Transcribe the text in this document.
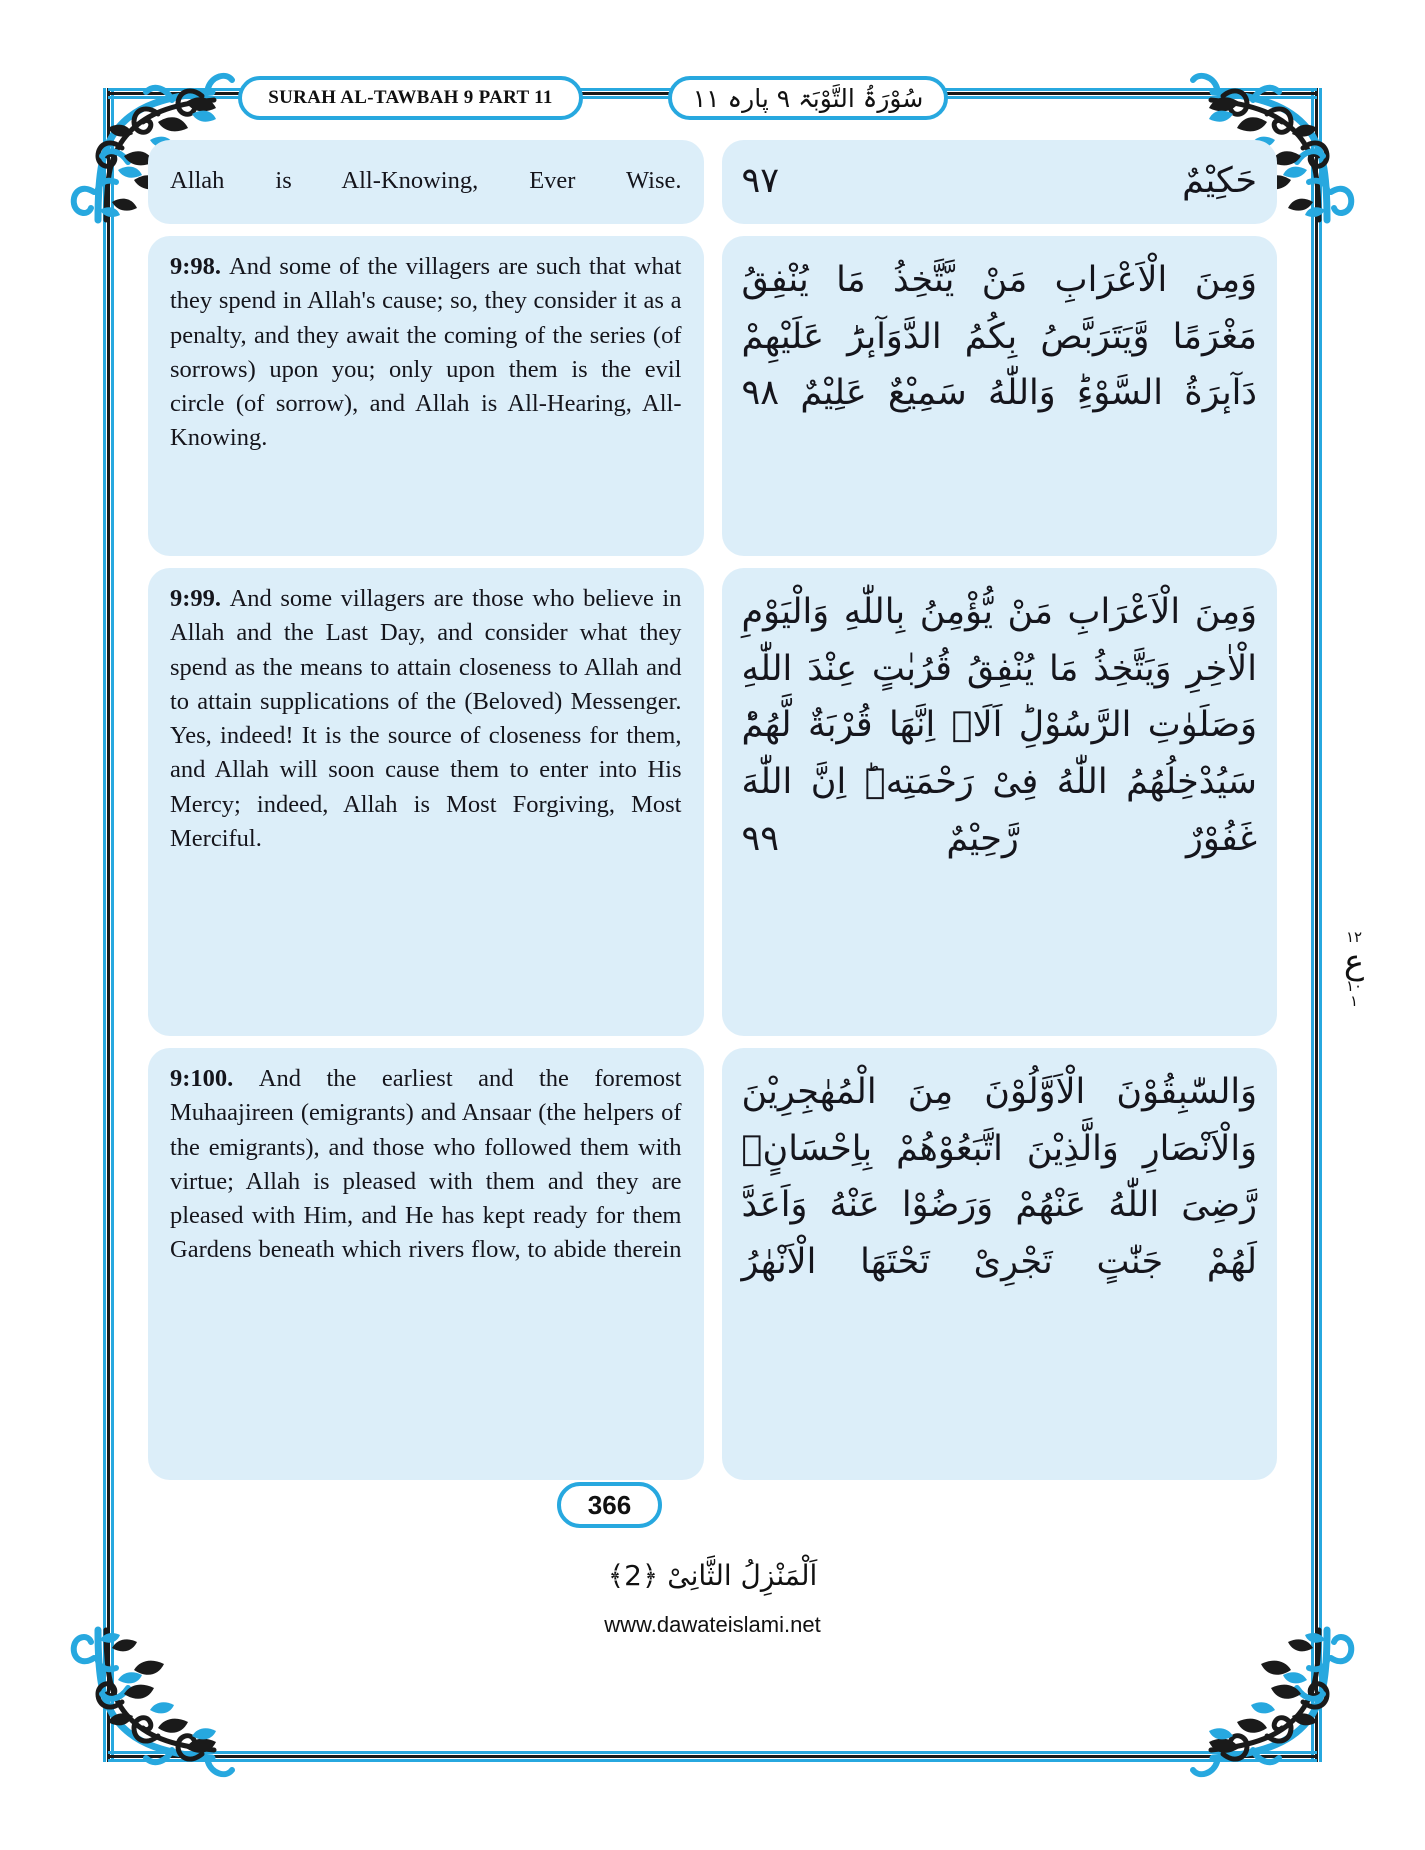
SURAH AL-TAWBAH 9 PART 11	سُوْرَۃُ التَّوْبَۃ ۹ پارہ ۱۱
Allah is All-Knowing, Ever Wise.
9:98. And some of the villagers are such that what they spend in Allah's cause; so, they consider it as a penalty, and they await the coming of the series (of sorrows) upon you; only upon them is the evil circle (of sorrow), and Allah is All-Hearing, All-Knowing.
9:99. And some villagers are those who believe in Allah and the Last Day, and consider what they spend as the means to attain closeness to Allah and to attain supplications of the (Beloved) Messenger. Yes, indeed! It is the source of closeness for them, and Allah will soon cause them to enter into His Mercy; indeed, Allah is Most Forgiving, Most Merciful.
9:100. And the earliest and the foremost Muhaajireen (emigrants) and Ansaar (the helpers of the emigrants), and those who followed them with virtue; Allah is pleased with them and they are pleased with Him, and He has kept ready for them Gardens beneath which rivers flow, to abide therein
حَكِيْمٌ ۹۷
وَمِنَ الْاَعْرَابِ مَنْ یَّتَّخِذُ مَا یُنْفِقُ مَغْرَمًا وَّیَتَرَبَّصُ بِكُمُ الدَّوَآىٕرَؕ عَلَیْهِمْ دَآىٕرَةُ السَّوْءِؕ وَاللّٰهُ سَمِیْعٌ عَلِیْمٌ ۹۸
وَمِنَ الْاَعْرَابِ مَنْ یُّؤْمِنُ بِاللّٰهِ وَالْیَوْمِ الْاٰخِرِ وَیَتَّخِذُ مَا یُنْفِقُ قُرُبٰتٍ عِنْدَ اللّٰهِ وَصَلَوٰتِ الرَّسُوْلِؕ اَلَاۤ اِنَّهَا قُرْبَةٌ لَّهُمْؕ سَیُدْخِلُهُمُ اللّٰهُ فِیْ رَحْمَتِهٖؕ اِنَّ اللّٰهَ غَفُوْرٌ رَّحِیْمٌ ۹۹
وَالسّٰبِقُوْنَ الْاَوَّلُوْنَ مِنَ الْمُهٰجِرِیْنَ وَالْاَنْصَارِ وَالَّذِیْنَ اتَّبَعُوْهُمْ بِاِحْسَانٍۙ رَّضِیَ اللّٰهُ عَنْهُمْ وَرَضُوْا عَنْهُ وَاَعَدَّ لَهُمْ جَنّٰتٍ تَجْرِیْ تَحْتَهَا الْاَنْهٰرُ
۱۲
ع
۱۰
۱
366
اَلْمَنْزِلُ الثَّانِیْ ﴿2﴾
www.dawateislami.net
